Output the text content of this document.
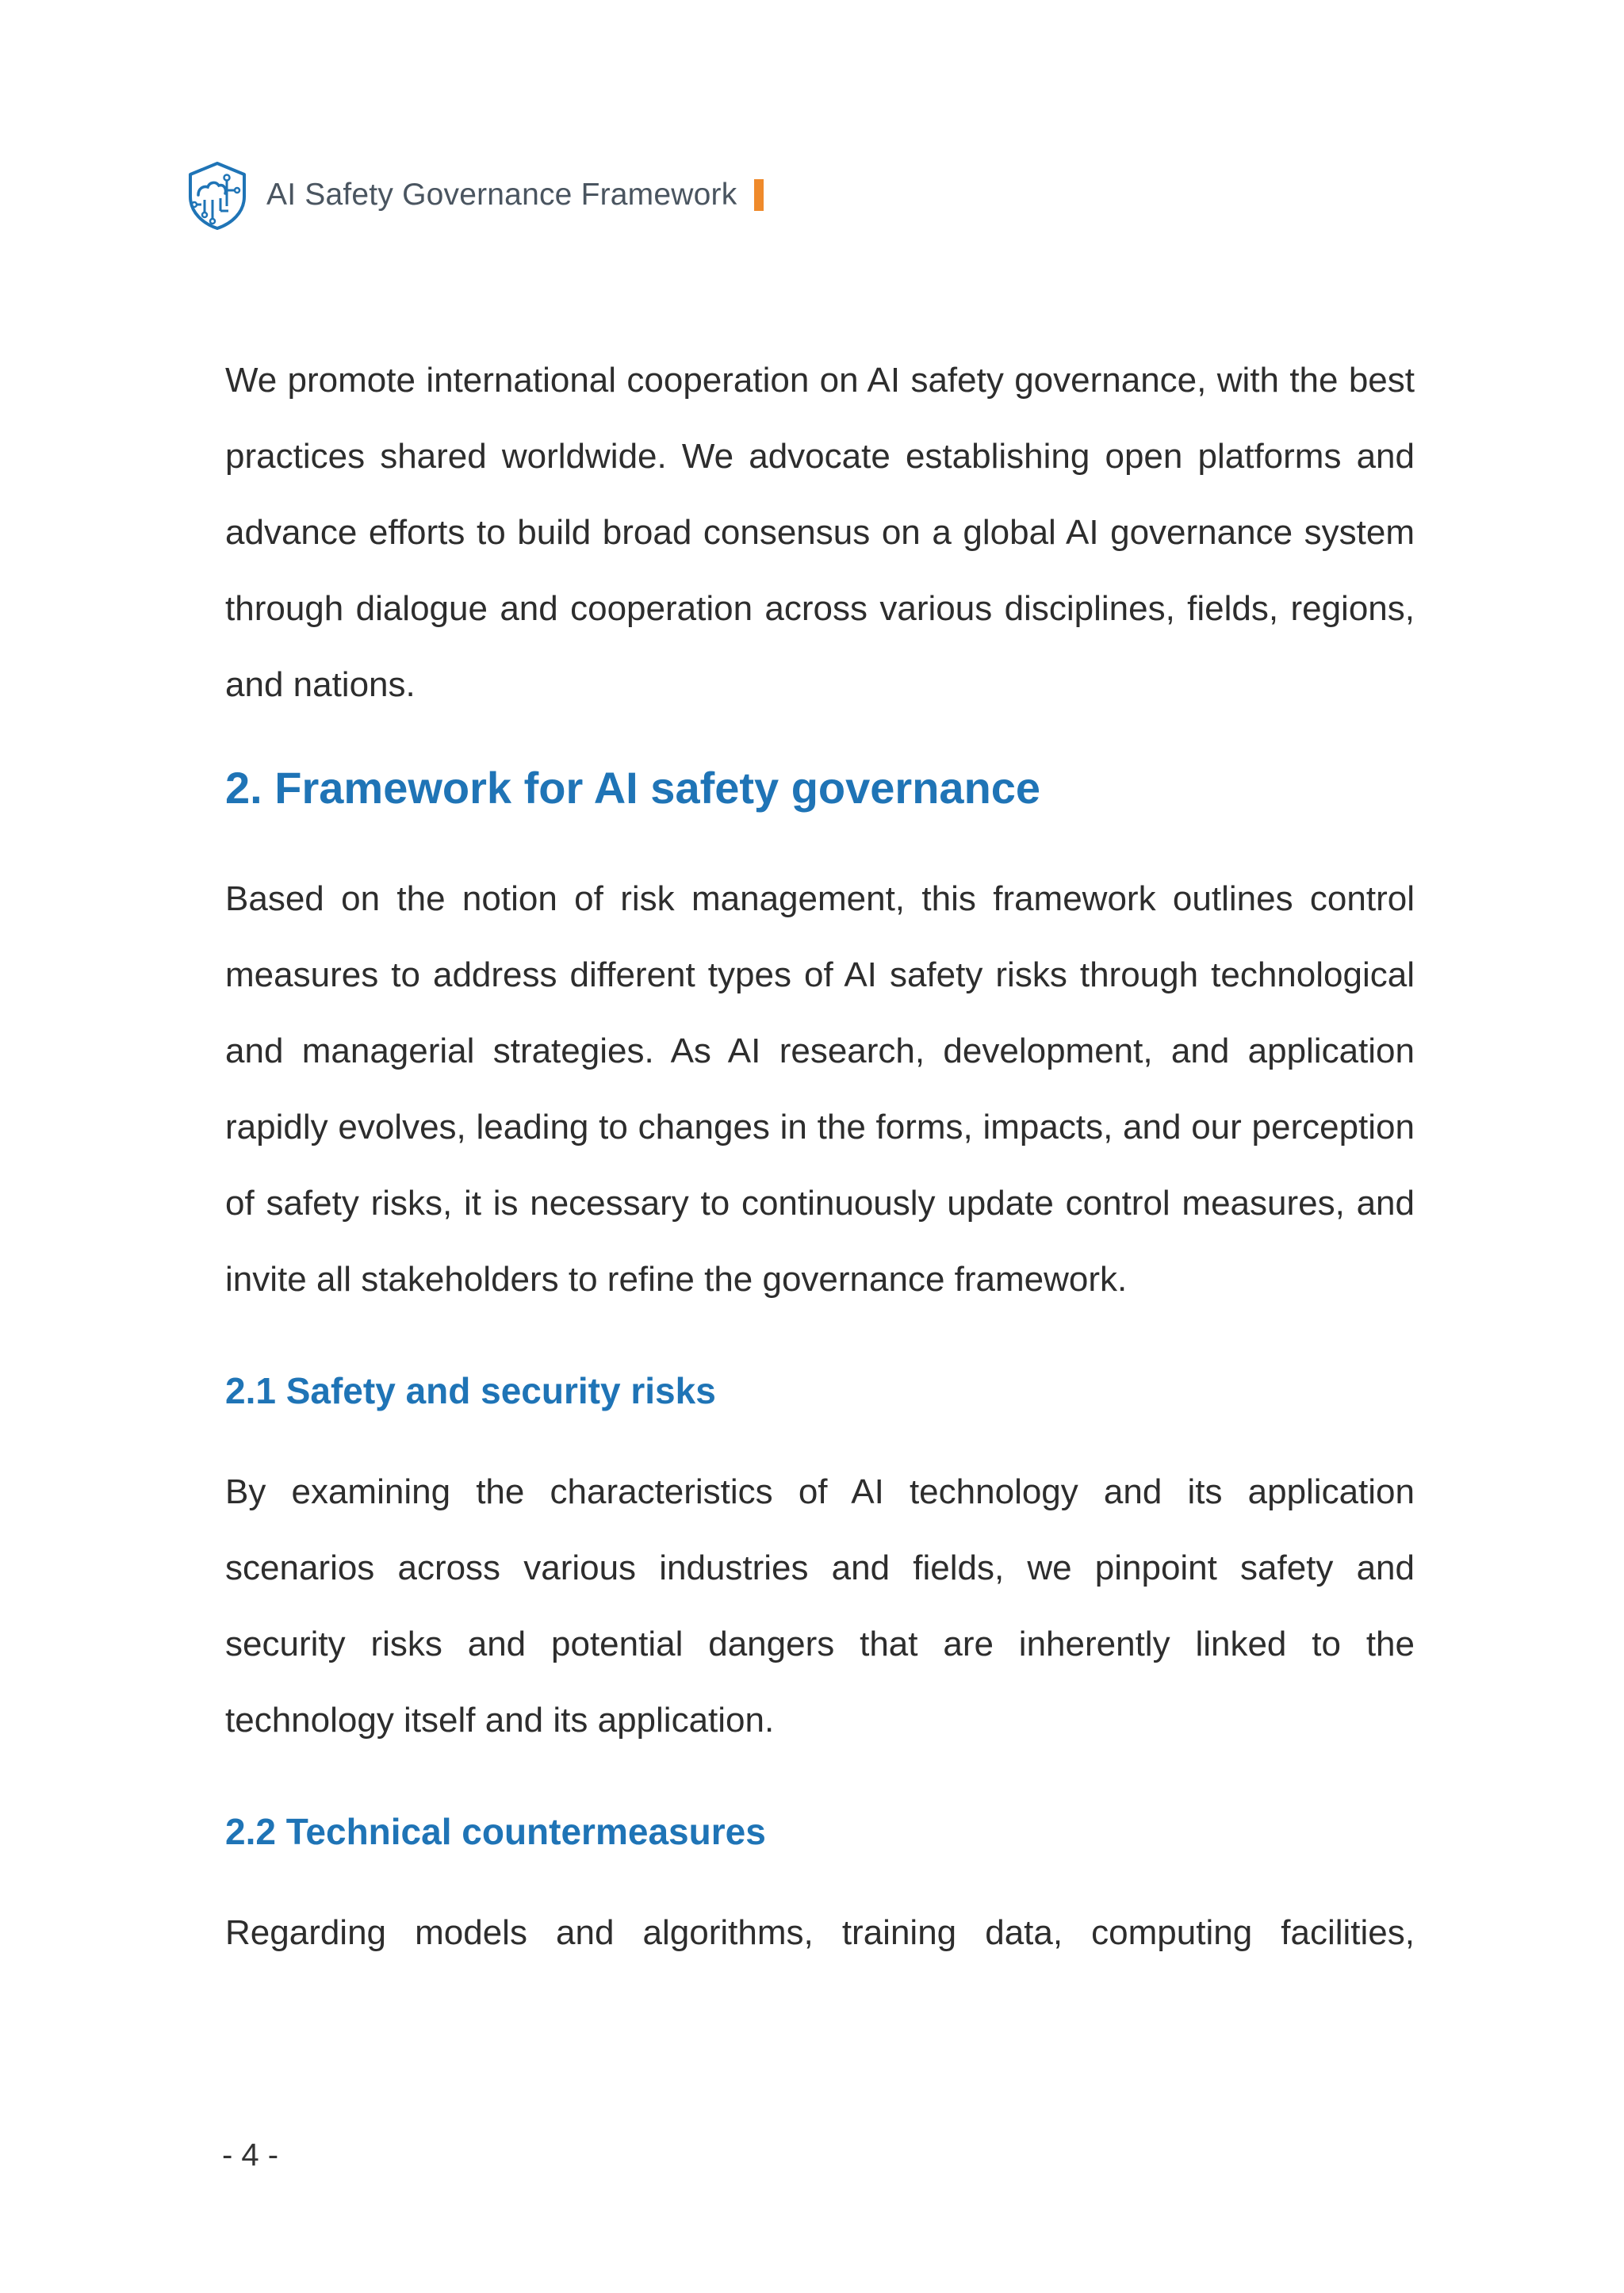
AI Safety Governance Framework

We promote international cooperation on AI safety governance, with the best practices shared worldwide. We advocate establishing open platforms and advance efforts to build broad consensus on a global AI governance system through dialogue and cooperation across various disciplines, fields, regions, and nations.

2. Framework for AI safety governance

Based on the notion of risk management, this framework outlines control measures to address different types of AI safety risks through technological and managerial strategies. As AI research, development, and application rapidly evolves, leading to changes in the forms, impacts, and our perception of safety risks, it is necessary to continuously update control measures, and invite all stakeholders to refine the governance framework.

2.1 Safety and security risks

By examining the characteristics of AI technology and its application scenarios across various industries and fields, we pinpoint safety and security risks and potential dangers that are inherently linked to the technology itself and its application.

2.2 Technical countermeasures

Regarding models and algorithms, training data, computing facilities,

- 4 -
